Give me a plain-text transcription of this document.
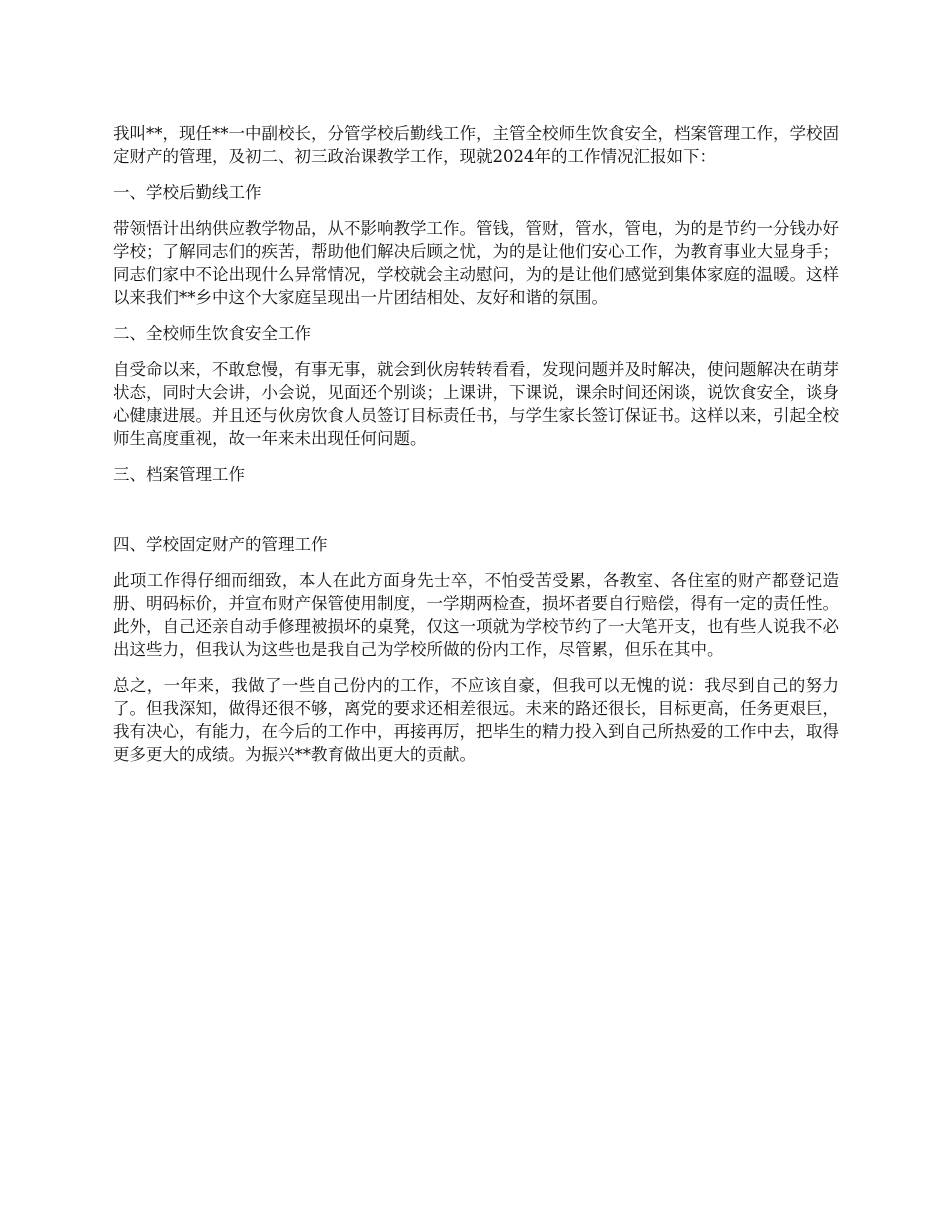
我叫**，现任**一中副校长，分管学校后勤线工作，主管全校师生饮食安全，档案管理工作，学校固定财产的管理，及初二、初三政治课教学工作，现就2024年的工作情况汇报如下：

一、学校后勤线工作

带领悟计出纳供应教学物品，从不影响教学工作。管钱，管财，管水，管电，为的是节约一分钱办好学校；了解同志们的疾苦，帮助他们解决后顾之忧，为的是让他们安心工作，为教育事业大显身手；同志们家中不论出现什么异常情况，学校就会主动慰问，为的是让他们感觉到集体家庭的温暖。这样以来我们**乡中这个大家庭呈现出一片团结相处、友好和谐的氛围。

二、全校师生饮食安全工作

自受命以来，不敢怠慢，有事无事，就会到伙房转转看看，发现问题并及时解决，使问题解决在萌芽状态，同时大会讲，小会说，见面还个别谈；上课讲，下课说，课余时间还闲谈，说饮食安全，谈身心健康进展。并且还与伙房饮食人员签订目标责任书，与学生家长签订保证书。这样以来，引起全校师生高度重视，故一年来未出现任何问题。

三、档案管理工作

四、学校固定财产的管理工作

此项工作得仔细而细致，本人在此方面身先士卒，不怕受苦受累，各教室、各住室的财产都登记造册、明码标价，并宣布财产保管使用制度，一学期两检查，损坏者要自行赔偿，得有一定的责任性。此外，自己还亲自动手修理被损坏的桌凳，仅这一项就为学校节约了一大笔开支，也有些人说我不必出这些力，但我认为这些也是我自己为学校所做的份内工作，尽管累，但乐在其中。

总之，一年来，我做了一些自己份内的工作，不应该自豪，但我可以无愧的说：我尽到自己的努力了。但我深知，做得还很不够，离党的要求还相差很远。未来的路还很长，目标更高，任务更艰巨，我有决心，有能力，在今后的工作中，再接再厉，把毕生的精力投入到自己所热爱的工作中去，取得更多更大的成绩。为振兴**教育做出更大的贡献。
